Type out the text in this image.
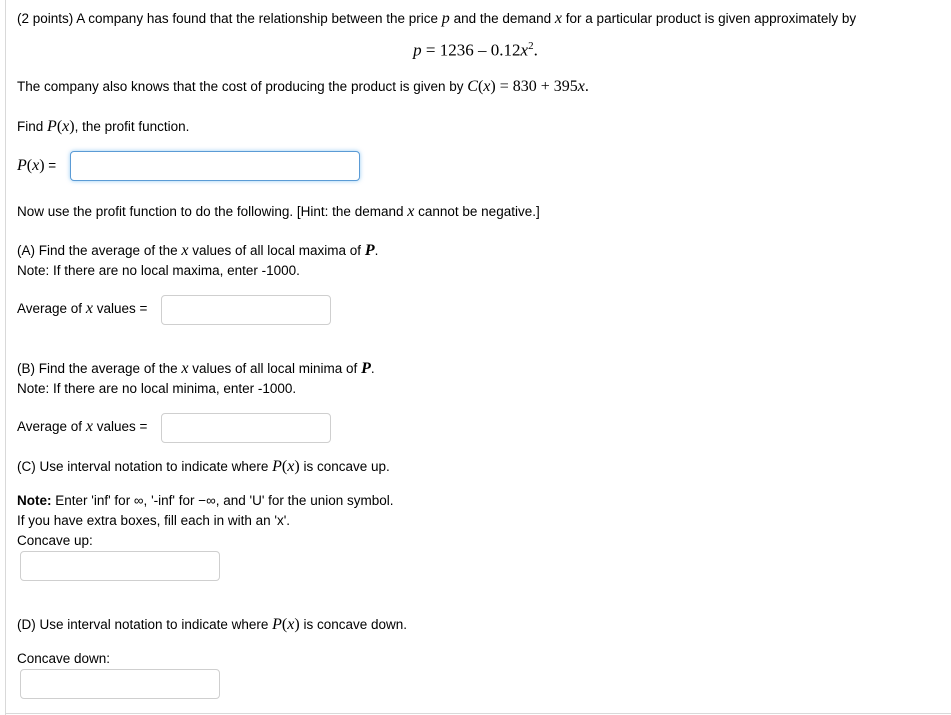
(2 points) A company has found that the relationship between the price p and the demand x for a particular product is given approximately by
$p = 1236 - 0.12x^2$.
The company also knows that the cost of producing the product is given by C(x) = 830 + 395x.
Find P(x), the profit function.
P(x) =
Now use the profit function to do the following. [Hint: the demand x cannot be negative.]
(A) Find the average of the x values of all local maxima of P.
Note: If there are no local maxima, enter -1000.
Average of x values =
(B) Find the average of the x values of all local minima of P.
Note: If there are no local minima, enter -1000.
Average of x values =
(C) Use interval notation to indicate where P(x) is concave up.
Note: Enter 'inf' for ∞, '-inf' for −∞, and 'U' for the union symbol.
If you have extra boxes, fill each in with an 'x'.
Concave up:
(D) Use interval notation to indicate where P(x) is concave down.
Concave down:
